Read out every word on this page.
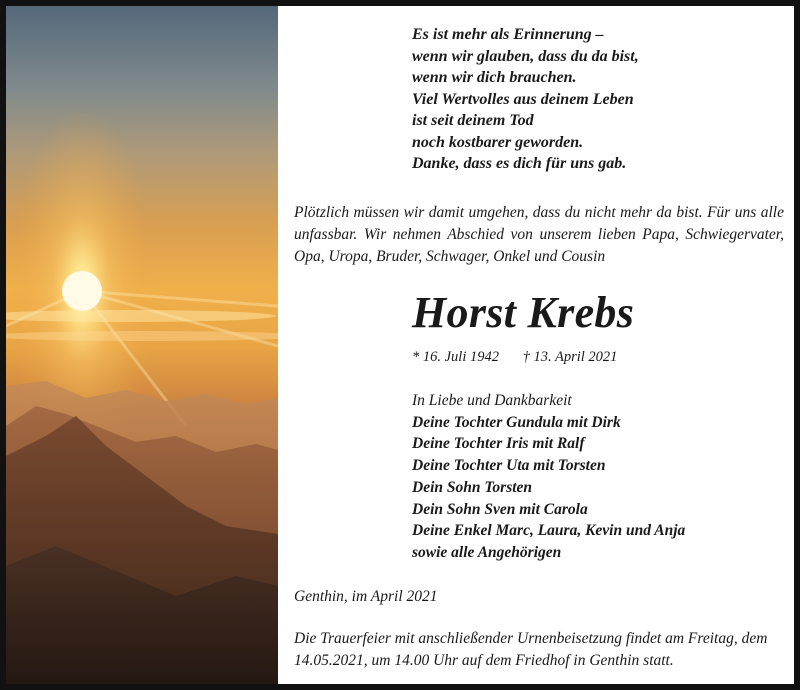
Es ist mehr als Erinnerung –
wenn wir glauben, dass du da bist,
wenn wir dich brauchen.
Viel Wertvolles aus deinem Leben
ist seit deinem Tod
noch kostbarer geworden.
Danke, dass es dich für uns gab.
Plötzlich müssen wir damit umgehen, dass du nicht mehr da bist. Für uns alle unfassbar. Wir nehmen Abschied von unserem lieben Papa, Schwiegervater, Opa, Uropa, Bruder, Schwager, Onkel und Cousin
Horst Krebs
* 16. Juli 1942 † 13. April 2021
In Liebe und Dankbarkeit
Deine Tochter Gundula mit Dirk
Deine Tochter Iris mit Ralf
Deine Tochter Uta mit Torsten
Dein Sohn Torsten
Dein Sohn Sven mit Carola
Deine Enkel Marc, Laura, Kevin und Anja
sowie alle Angehörigen
Genthin, im April 2021
Die Trauerfeier mit anschließender Urnenbeisetzung findet am Freitag, dem 14.05.2021, um 14.00 Uhr auf dem Friedhof in Genthin statt.
